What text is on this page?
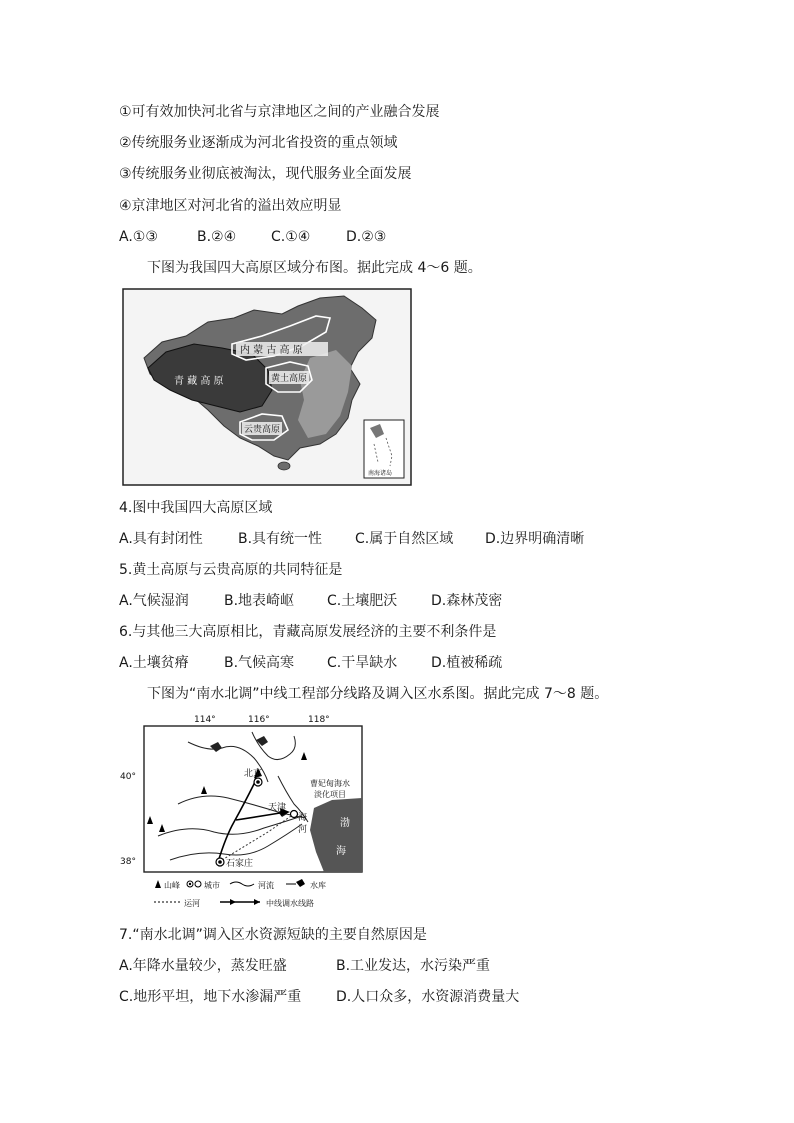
①可有效加快河北省与京津地区之间的产业融合发展
②传统服务业逐渐成为河北省投资的重点领域
③传统服务业彻底被淘汰，现代服务业全面发展
④京津地区对河北省的溢出效应明显
A.①③	B.②④ C.①④	D.②③
下图为我国四大高原区域分布图。据此完成 4～6 题。
内 蒙 古 高 原
黄土高原
青 藏 高 原
云贵高原
南海诸岛
4.图中我国四大高原区域
A.具有封闭性	B.具有统一性 C.属于自然区域 D.边界明确清晰
5.黄土高原与云贵高原的共同特征是
A.气候湿润	B.地表崎岖 C.土壤肥沃 D.森林茂密
6.与其他三大高原相比，青藏高原发展经济的主要不利条件是
A.土壤贫瘠	B.气候高寒 C.干旱缺水 D.植被稀疏
下图为“南水北调”中线工程部分线路及调入区水系图。据此完成 7～8 题。
114°	116°	118°
40°
38°
渤
海
北京
天津
石家庄
曹妃甸海水
淡化项目
海
河
山峰	城市	河流	水库
运河	中线调水线路
7.“南水北调”调入区水资源短缺的主要自然原因是
A.年降水量较少，蒸发旺盛	B.工业发达，水污染严重
C.地形平坦，地下水渗漏严重 D.人口众多，水资源消费量大
